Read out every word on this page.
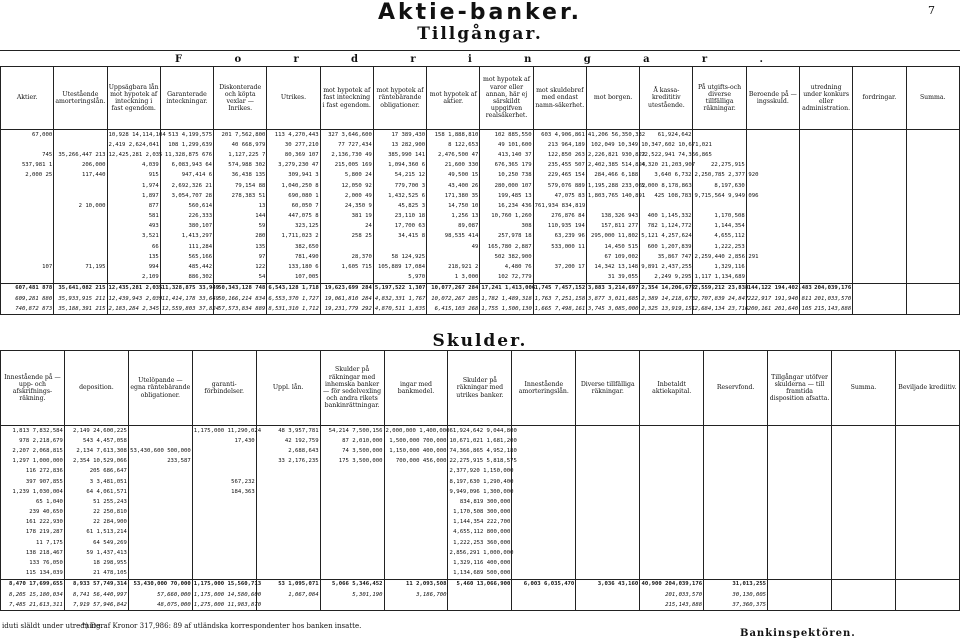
7
Aktie-banker.
Tillgångar.
F	o	r	d	r	i	n	g	a	r	.
Aktier.	Utestående amorteringslån.	Uppsägbara lån mot hypotek af inteckning i fast egendom.	Garanterade inteckningar.	Diskonterade och köpta vexlar — Inrikes.	Utrikes.	mot hypotek af fast inteckning i fast egendom.	mot hypotek af räntebärande obligationer.	mot hypotek af aktier.	mot hypotek af varor eller annan, här ej särskildt uppgifven realsäkerhet.	mot skuldebref med endast namn-säkerhet.	mot borgen.	Å kassa-kredititiv utestående.	På utgifts-och diverse tillfälliga räkningar.	Beroende på — ingsskuld.	utredning under konkurs eller administration.	fordringar.	Summa.
67,000		10,928 14,114,104	513 4,199,575	201 7,562,800	113 4,270,443	327 3,646,600	17 389,430	158 1,888,810	102 885,550	603 4,906,861	41,206 56,350,332	61,924,642					
		2,419 2,624,041	108 1,299,639	40 668,979	30 277,210	77 727,434	13 282,900	8 122,653	49 101,600	213 964,189	102,049 10,349	10,347,602 10,671,021					
745	35,266,447 213	12,425,281 2,035	11,328,875 676	1,127,225 7	80,369 107	2,136,730 49	385,990 141	2,476,500 47	413,140 37	122,850 263	2,226,821 930,822	72,522,941 74,366,865					
537,981 1	206,000	4,039	6,083,943 64	574,988 302	3,279,230 47	215,005 169	1,094,360 6	21,600 330	676,365 179	235,455 507	2,402,385 514,824	4,320 21,203,907	22,275,915				
2,000 25	117,440	915	947,414 6	36,438 135	309,941 3	5,800 24	54,215 12	49,500 15	10,250 738	229,465 154	284,466 6,188	3,640 6,732	2,250,785 2,377,920				
		1,974	2,692,326 21	79,154 88	1,040,250 8	12,050 92	779,700 3	43,400 26	280,000 107	579,076 889	1,195,288 233,062	5,000 8,178,863	8,197,630				
		1,897	3,054,707 28	278,383 51	690,080 1	2,000 49	1,432,525 6	171,380 35	199,485 13	47,075 83	1,803,765 140,891	425 108,783	9,715,564 9,949,096				
	2 10,000	877	560,614	13	60,050 7	24,350 9	45,825 3	14,750 10	16,234 436	761,934 834,819							
		581	226,333	144	447,075 8	381 19	23,110 18	1,256 13	10,760 1,260	276,876 84	138,326 943	400 1,145,332	1,170,508				
		493	380,107	59	323,125	24	17,700 63	89,087	308	110,935 194	157,811 277	782 1,124,772	1,144,354				
		3,521	1,413,297	280	1,711,023 2	258 25	34,415 8	98,535 414	257,978 18	63,239 96	295,000 11,802	5,121 4,257,624	4,655,112				
		66	111,284	135	382,650			49	165,780 2,887	533,000 11	14,450 515	600 1,207,839	1,222,253				
		135	565,166	97	781,490	28,370	58 124,925		502 382,900		67 109,002	35,867 747	2,259,440 2,856,291				
107	71,195	994	485,442	122	133,180 6	1,605 715	105,889 17,084	218,921 2	4,480 76	37,200 17	14,342 13,148	9,891 2,437,255	1,329,116				
		2,109	886,302	54	107,005		5,970	1 3,000	102 72,779		31 39,055	2,249 9,295	1,117 1,134,689				
607,481 878	35,641,082 215	12,435,281 2,035	11,328,875 33,949	50,343,128 748	6,543,128 1,718	19,623,699 284	5,197,522 1,307	10,077,267 284	17,241 1,413,006	1,745 7,457,152	3,883 3,214,697	2,354 14,206,672	2,559,212 23,838	144,122 194,402,483	204,039,176		
609,281 880	35,933,915 211	12,439,943 2,039	11,414,178 33,649	50,166,214 834	6,553,370 1,727	19,061,810 284	4,832,331 1,767	10,072,267 285	1,782 1,489,318	1,763 7,251,158	3,877 3,011,685	2,389 14,218,673	2,707,839 24,847	222,917 191,940,811	201,033,570		
740,872 873	35,188,391 215	2,183,284 2,345	12,559,803 37,824	57,573,834 889	8,531,310 1,712	19,231,779 292	4,870,511 1,835	6,415,103 268	1,755 1,500,130	1,665 7,498,161	3,745 3,085,000	2,325 13,919,151	2,684,134 23,716	200,161 201,640,105	215,143,888		
Skulder.
Innestående på — upp- och afskrifnings-räkning.	deposition.	Utelöpande — egna räntebärande obligationer.	garanti-förbindelser.	Uppl. lån.	Skulder på räkningar med inhemska banker — för sedelvexling och andra rikets bankinrättningar.	ingar med bankmedel.	Skulder på räkningar med utrikes banker.	Innestående amorteringslån.	Diverse tillfälliga räkningar.	Inbetaldt aktiekapital.	Reservfond.	Tillgångar utöfver skulderna — till framtida disposition afsatta.	Summa.	Beviljade krediitiv.
1,813 7,832,584	2,149 24,600,225		1,175,000 11,290,024	48 3,957,781	54,214 7,500,156	2,000,000 1,400,000	61,924,642 9,044,800							
978 2,218,679	543 4,457,058		17,430	42 192,759	87 2,010,000	1,500,000 700,000	10,671,021 1,681,200							
2,207 2,068,815	2,134 7,613,308	53,430,600 500,000		2,688,643	74 3,500,000	1,150,000 400,000	74,366,865 4,952,180							
1,297 1,000,000	2,354 10,529,066	233,587		33 2,176,235	175 3,500,000	700,000 456,000	22,275,915 5,818,575							
116 272,836	205 686,647						2,377,920 1,150,000							
397 907,855	3 3,481,051		567,232				8,197,630 1,290,400							
1,239 1,030,004	64 4,061,571		184,363				9,949,096 1,300,000							
65 1,040	51 255,243						834,819 300,000							
239 40,650	22 250,810						1,170,508 300,000							
161 222,930	22 284,900						1,144,354 222,700							
178 219,287	61 1,513,214						4,655,112 800,000							
11 7,175	64 549,269						1,222,253 360,000							
138 218,467	59 1,437,413						2,856,291 1,000,000							
133 76,050	18 298,955						1,329,116 400,000							
115 134,039	21 478,105						1,134,689 500,000							
8,470 17,699,655	8,933 57,749,314	53,430,000 70,000	1,175,000 15,560,713	53 1,095,071	5,066 5,346,452	11 2,093,508	5,460 13,066,900	6,003 6,035,470	3,036 43,160	40,900 204,039,176	31,013,255			
8,205 15,180,034	8,741 56,440,997	57,660,000	1,175,000 14,580,600	1,067,084	5,301,190	3,186,700				201,033,570	30,130,005			
7,485 21,613,311	7,919 57,946,842	48,075,000	1,275,000 11,983,870							215,143,888	37,360,375			
iduti släldt under utredning.
*) Deraf Kronor 317,986: 89 af utländska korrespondenter hos banken insatte.
Bankinspektören.
